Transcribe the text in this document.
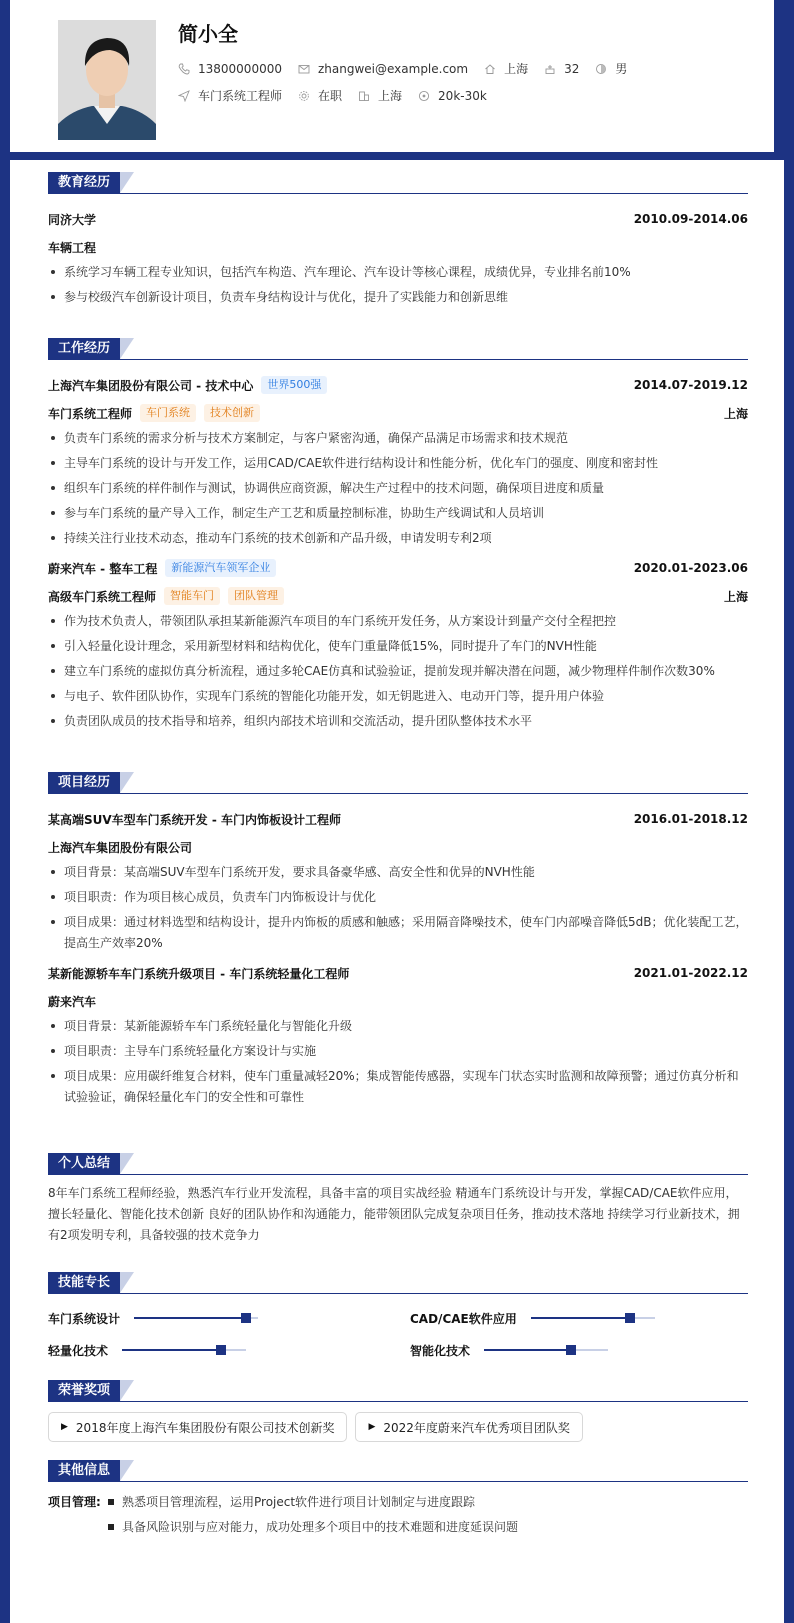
简小全
13800000000	zhangwei@example.com	上海	32	男
车门系统工程师	在职	上海	20k-30k
教育经历
同济大学	2010.09-2014.06
车辆工程
系统学习车辆工程专业知识，包括汽车构造、汽车理论、汽车设计等核心课程，成绩优异，专业排名前10%
参与校级汽车创新设计项目，负责车身结构设计与优化，提升了实践能力和创新思维
工作经历
上海汽车集团股份有限公司 - 技术中心	世界500强	2014.07-2019.12
车门系统工程师	车门系统	技术创新	上海
负责车门系统的需求分析与技术方案制定，与客户紧密沟通，确保产品满足市场需求和技术规范
主导车门系统的设计与开发工作，运用CAD/CAE软件进行结构设计和性能分析，优化车门的强度、刚度和密封性
组织车门系统的样件制作与测试，协调供应商资源，解决生产过程中的技术问题，确保项目进度和质量
参与车门系统的量产导入工作，制定生产工艺和质量控制标准，协助生产线调试和人员培训
持续关注行业技术动态，推动车门系统的技术创新和产品升级，申请发明专利2项
蔚来汽车 - 整车工程	新能源汽车领军企业	2020.01-2023.06
高级车门系统工程师	智能车门	团队管理	上海
作为技术负责人，带领团队承担某新能源汽车项目的车门系统开发任务，从方案设计到量产交付全程把控
引入轻量化设计理念，采用新型材料和结构优化，使车门重量降低15%，同时提升了车门的NVH性能
建立车门系统的虚拟仿真分析流程，通过多轮CAE仿真和试验验证，提前发现并解决潜在问题，减少物理样件制作次数30%
与电子、软件团队协作，实现车门系统的智能化功能开发，如无钥匙进入、电动开门等，提升用户体验
负责团队成员的技术指导和培养，组织内部技术培训和交流活动，提升团队整体技术水平
项目经历
某高端SUV车型车门系统开发 - 车门内饰板设计工程师	2016.01-2018.12
上海汽车集团股份有限公司
项目背景：某高端SUV车型车门系统开发，要求具备豪华感、高安全性和优异的NVH性能
项目职责：作为项目核心成员，负责车门内饰板设计与优化
项目成果：通过材料选型和结构设计，提升内饰板的质感和触感；采用隔音降噪技术，使车门内部噪音降低5dB；优化装配工艺，提高生产效率20%
某新能源轿车车门系统升级项目 - 车门系统轻量化工程师	2021.01-2022.12
蔚来汽车
项目背景：某新能源轿车车门系统轻量化与智能化升级
项目职责：主导车门系统轻量化方案设计与实施
项目成果：应用碳纤维复合材料，使车门重量减轻20%；集成智能传感器，实现车门状态实时监测和故障预警；通过仿真分析和试验验证，确保轻量化车门的安全性和可靠性
个人总结

8年车门系统工程师经验，熟悉汽车行业开发流程，具备丰富的项目实战经验 精通车门系统设计与开发，掌握CAD/CAE软件应用，擅长轻量化、智能化技术创新 良好的团队协作和沟通能力，能带领团队完成复杂项目任务，推动技术落地 持续学习行业新技术，拥有2项发明专利，具备较强的技术竞争力

技能专长
车门系统设计	CAD/CAE软件应用
轻量化技术	智能化技术
荣誉奖项
▶ 2018年度上海汽车集团股份有限公司技术创新奖	▶ 2022年度蔚来汽车优秀项目团队奖
其他信息
项目管理:	熟悉项目管理流程，运用Project软件进行项目计划制定与进度跟踪
具备风险识别与应对能力，成功处理多个项目中的技术难题和进度延误问题
